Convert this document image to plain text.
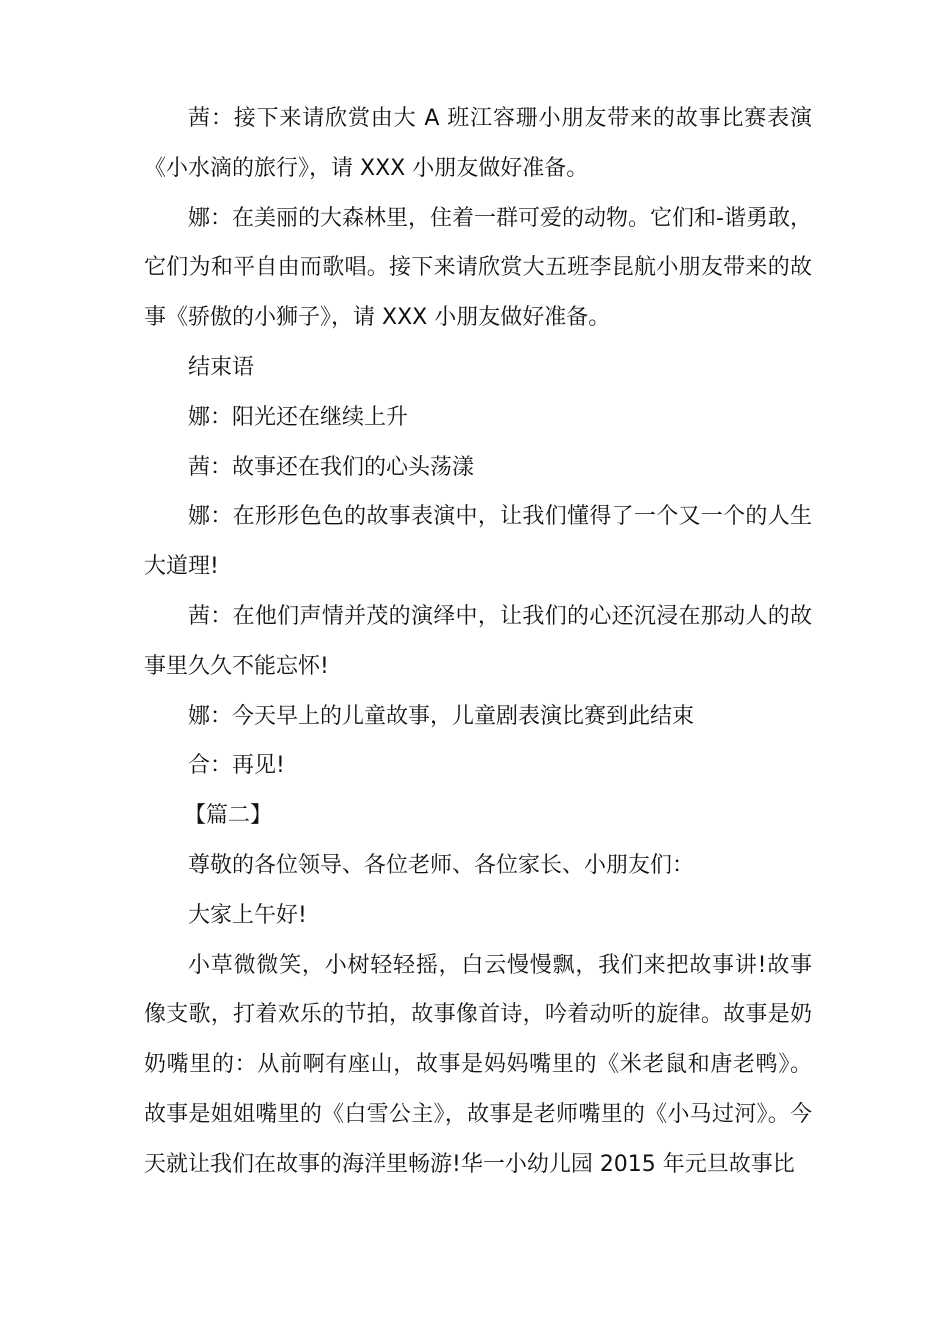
茜：接下来请欣赏由大 A 班江容珊小朋友带来的故事比赛表演《小水滴的旅行》，请 XXX 小朋友做好准备。

娜：在美丽的大森林里，住着一群可爱的动物。它们和-谐勇敢，它们为和平自由而歌唱。接下来请欣赏大五班李昆航小朋友带来的故事《骄傲的小狮子》，请 XXX 小朋友做好准备。

结束语

娜：阳光还在继续上升

茜：故事还在我们的心头荡漾

娜：在形形色色的故事表演中，让我们懂得了一个又一个的人生大道理!

茜：在他们声情并茂的演绎中，让我们的心还沉浸在那动人的故事里久久不能忘怀!

娜：今天早上的儿童故事，儿童剧表演比赛到此结束

合：再见!

【篇二】

尊敬的各位领导、各位老师、各位家长、小朋友们：

大家上午好!

小草微微笑，小树轻轻摇，白云慢慢飘，我们来把故事讲!故事像支歌，打着欢乐的节拍，故事像首诗，吟着动听的旋律。故事是奶奶嘴里的：从前啊有座山，故事是妈妈嘴里的《米老鼠和唐老鸭》。故事是姐姐嘴里的《白雪公主》，故事是老师嘴里的《小马过河》。今天就让我们在故事的海洋里畅游!华一小幼儿园 2015 年元旦故事比
